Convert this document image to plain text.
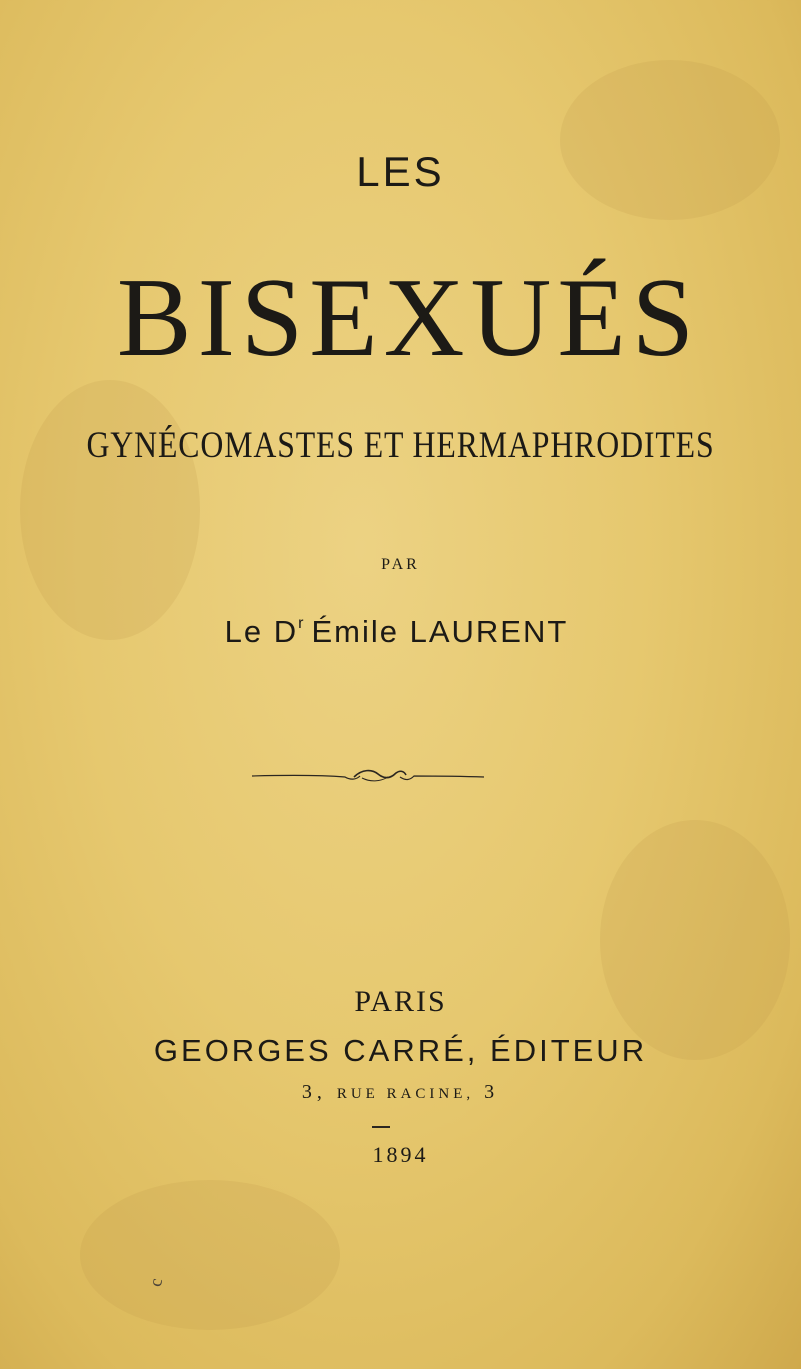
LES
BISEXUÉS
GYNÉCOMASTES ET HERMAPHRODITES
PAR
Le $D^r$ Émile LAURENT
PARIS
GEORGES CARRÉ, ÉDITEUR
3, RUE RACINE, 3
1894
c
